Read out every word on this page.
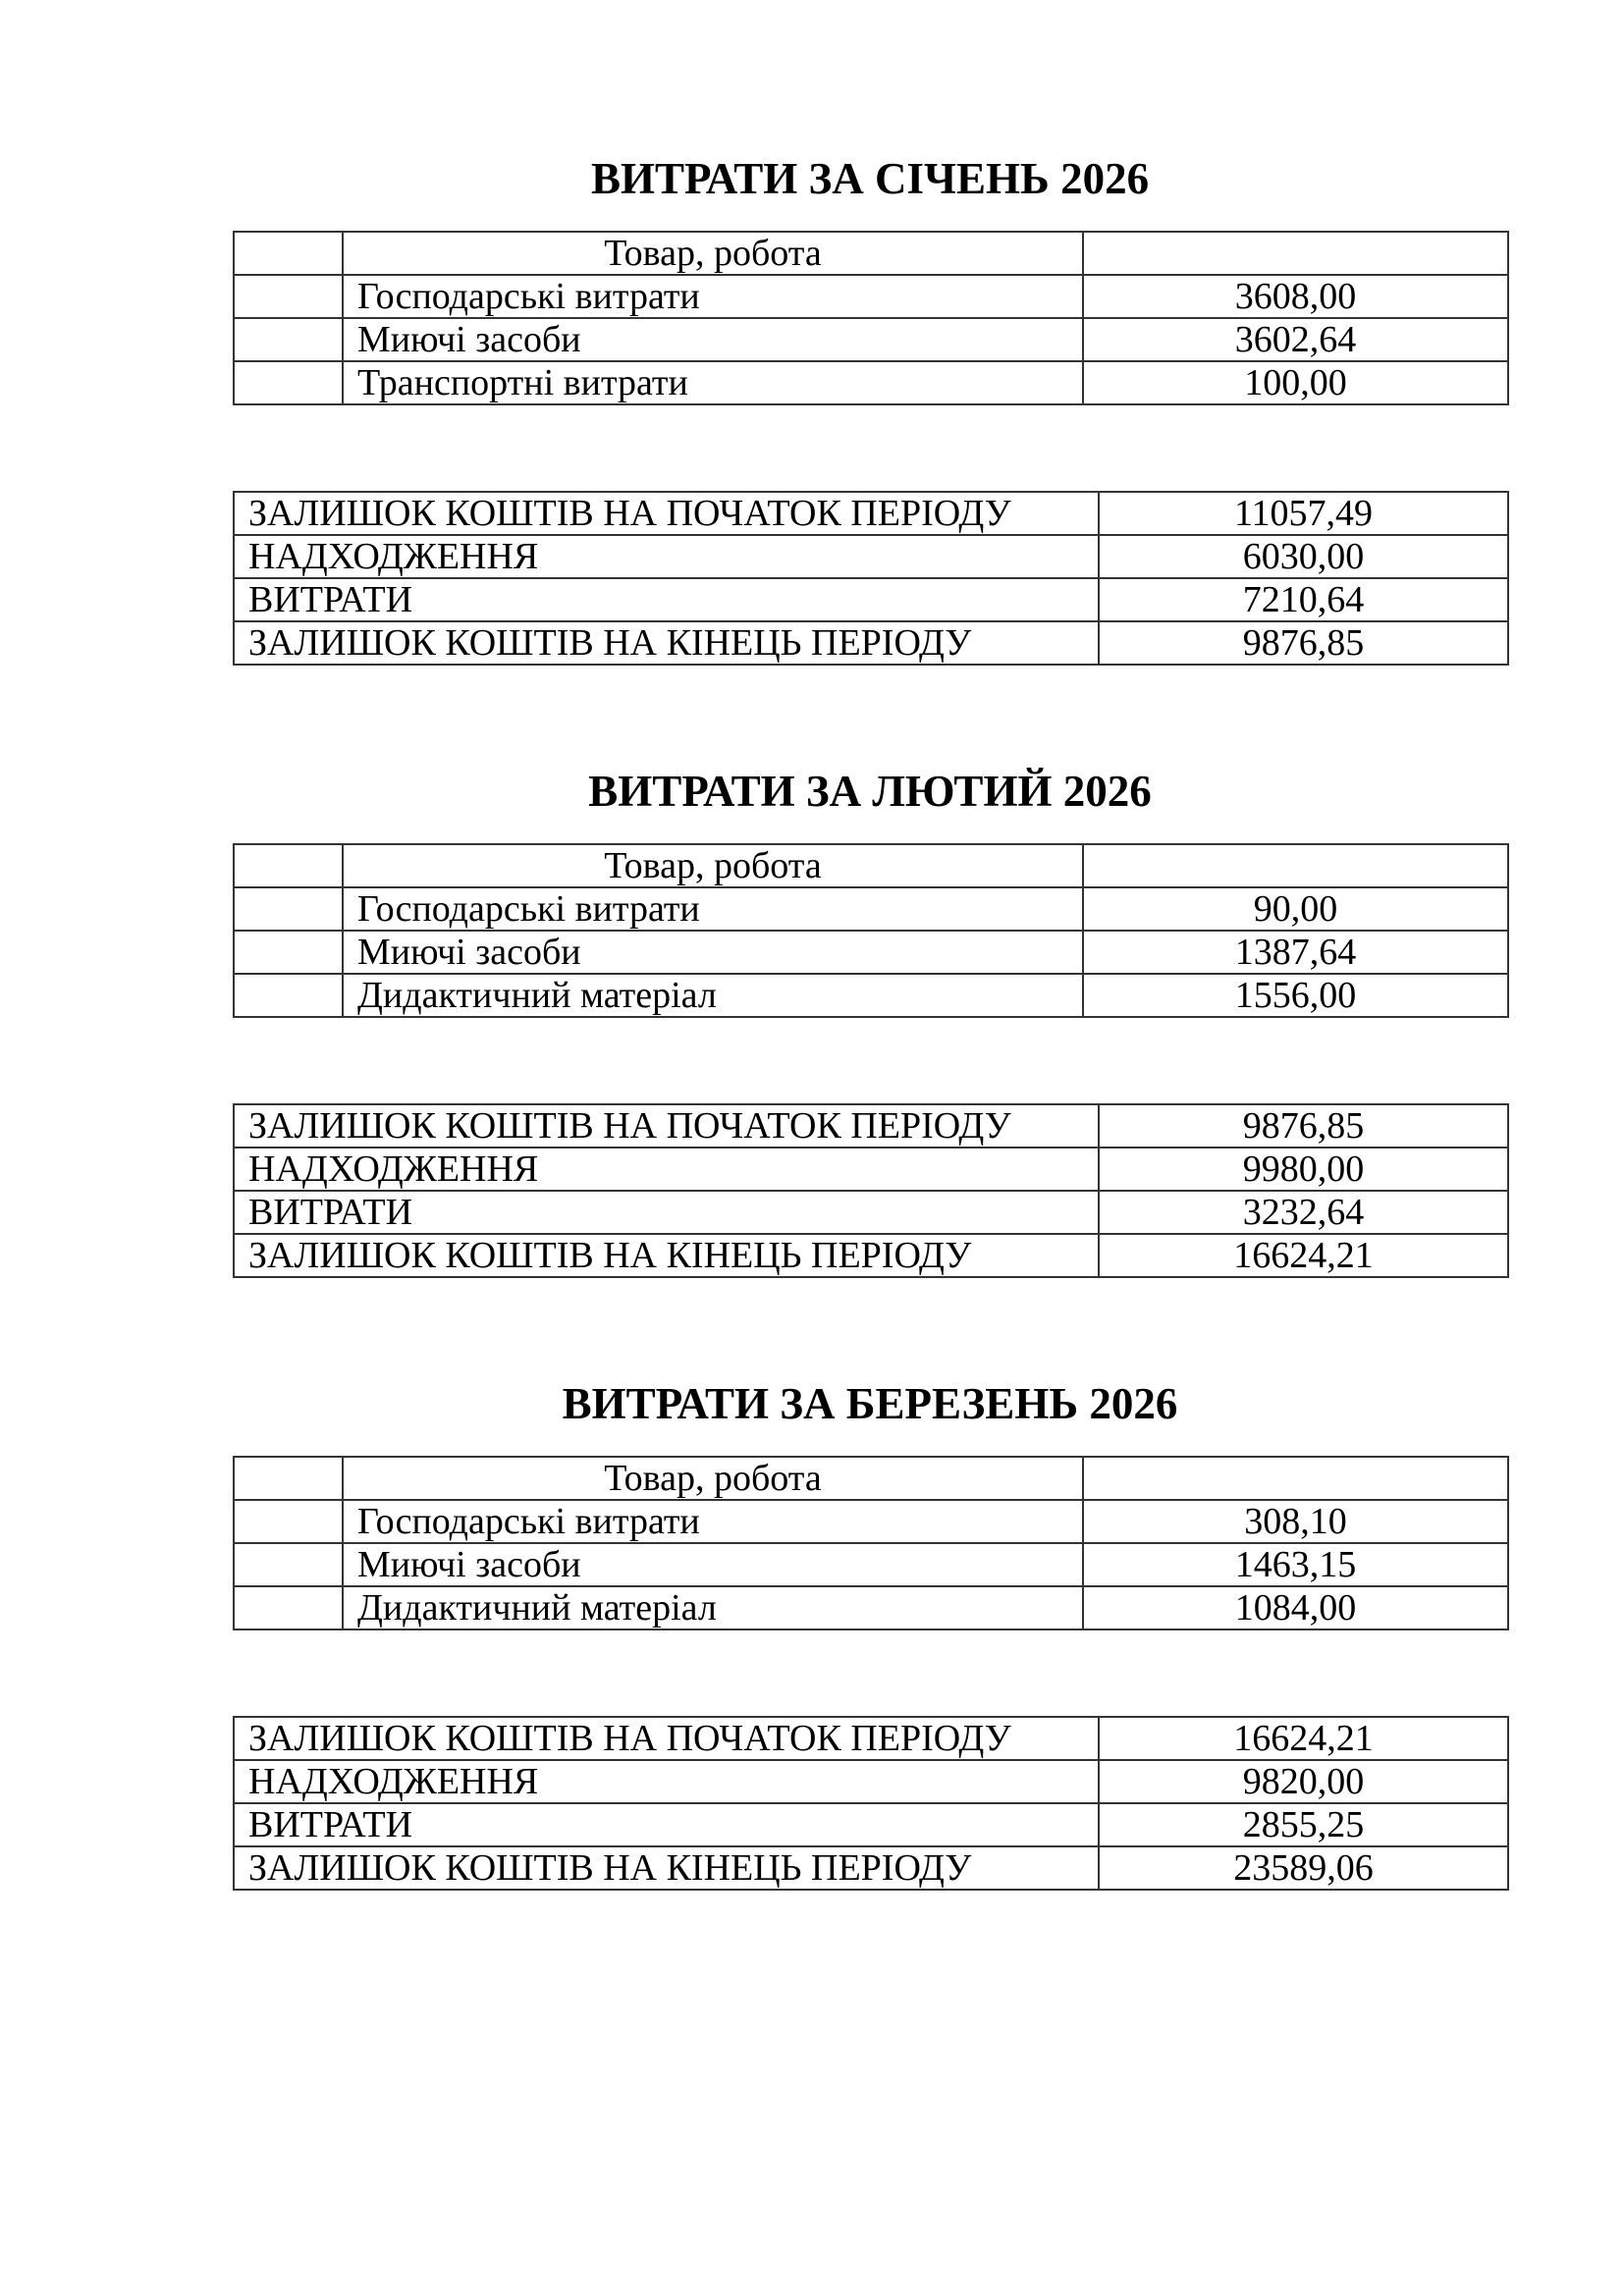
ВИТРАТИ ЗА СІЧЕНЬ 2026
	Товар, робота	
	Господарські витрати	3608,00
	Миючі засоби	3602,64
	Транспортні витрати	100,00
ЗАЛИШОК КОШТІВ НА ПОЧАТОК ПЕРІОДУ	11057,49
НАДХОДЖЕННЯ	6030,00
ВИТРАТИ	7210,64
ЗАЛИШОК КОШТІВ НА КІНЕЦЬ ПЕРІОДУ	9876,85
ВИТРАТИ ЗА ЛЮТИЙ 2026
	Товар, робота	
	Господарські витрати	90,00
	Миючі засоби	1387,64
	Дидактичний матеріал	1556,00
ЗАЛИШОК КОШТІВ НА ПОЧАТОК ПЕРІОДУ	9876,85
НАДХОДЖЕННЯ	9980,00
ВИТРАТИ	3232,64
ЗАЛИШОК КОШТІВ НА КІНЕЦЬ ПЕРІОДУ	16624,21
ВИТРАТИ ЗА БЕРЕЗЕНЬ 2026
	Товар, робота	
	Господарські витрати	308,10
	Миючі засоби	1463,15
	Дидактичний матеріал	1084,00
ЗАЛИШОК КОШТІВ НА ПОЧАТОК ПЕРІОДУ	16624,21
НАДХОДЖЕННЯ	9820,00
ВИТРАТИ	2855,25
ЗАЛИШОК КОШТІВ НА КІНЕЦЬ ПЕРІОДУ	23589,06
